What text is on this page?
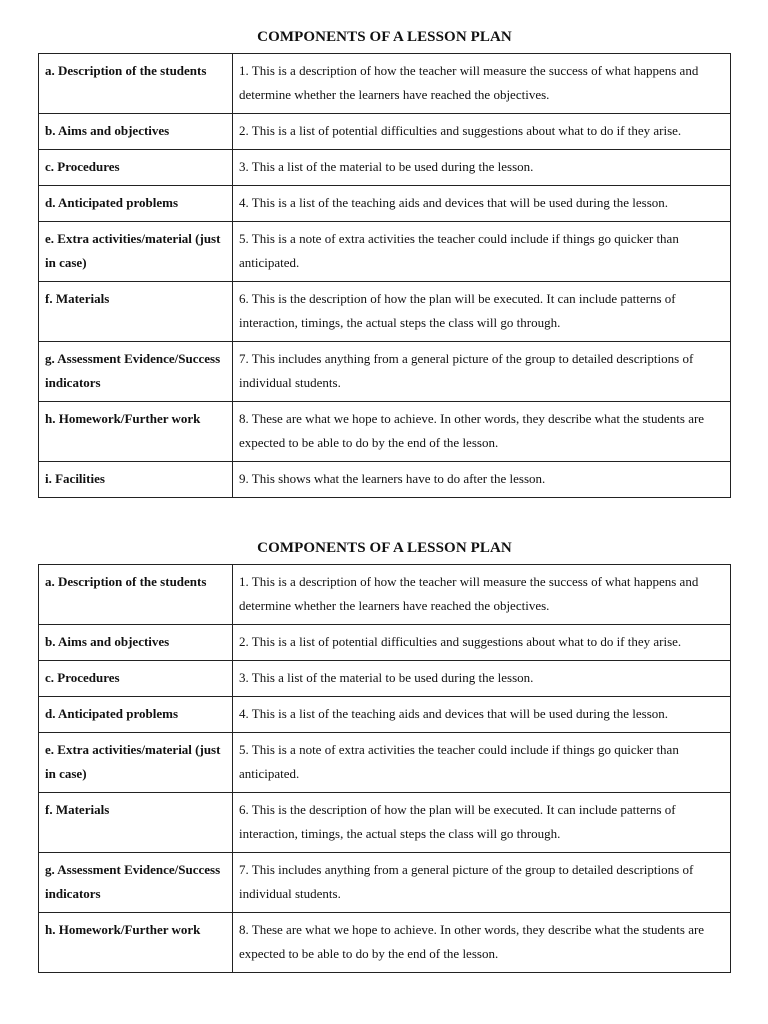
COMPONENTS OF A LESSON PLAN
a. Description of the students	1. This is a description of how the teacher will measure the success of what happens and determine whether the learners have reached the objectives.
b. Aims and objectives	2. This is a list of potential difficulties and suggestions about what to do if they arise.
c. Procedures	3. This a list of the material to be used during the lesson.
d. Anticipated problems	4. This is a list of the teaching aids and devices that will be used during the lesson.
e. Extra activities/material (just in case)	5. This is a note of extra activities the teacher could include if things go quicker than anticipated.
f. Materials	6. This is the description of how the plan will be executed. It can include patterns of interaction, timings, the actual steps the class will go through.
g. Assessment Evidence/Success indicators	7. This includes anything from a general picture of the group to detailed descriptions of individual students.
h. Homework/Further work	8. These are what we hope to achieve. In other words, they describe what the students are expected to be able to do by the end of the lesson.
i. Facilities	9. This shows what the learners have to do after the lesson.
COMPONENTS OF A LESSON PLAN
a. Description of the students	1. This is a description of how the teacher will measure the success of what happens and determine whether the learners have reached the objectives.
b. Aims and objectives	2. This is a list of potential difficulties and suggestions about what to do if they arise.
c. Procedures	3. This a list of the material to be used during the lesson.
d. Anticipated problems	4. This is a list of the teaching aids and devices that will be used during the lesson.
e. Extra activities/material (just in case)	5. This is a note of extra activities the teacher could include if things go quicker than anticipated.
f. Materials	6. This is the description of how the plan will be executed. It can include patterns of interaction, timings, the actual steps the class will go through.
g. Assessment Evidence/Success indicators	7. This includes anything from a general picture of the group to detailed descriptions of individual students.
h. Homework/Further work	8. These are what we hope to achieve. In other words, they describe what the students are expected to be able to do by the end of the lesson.
